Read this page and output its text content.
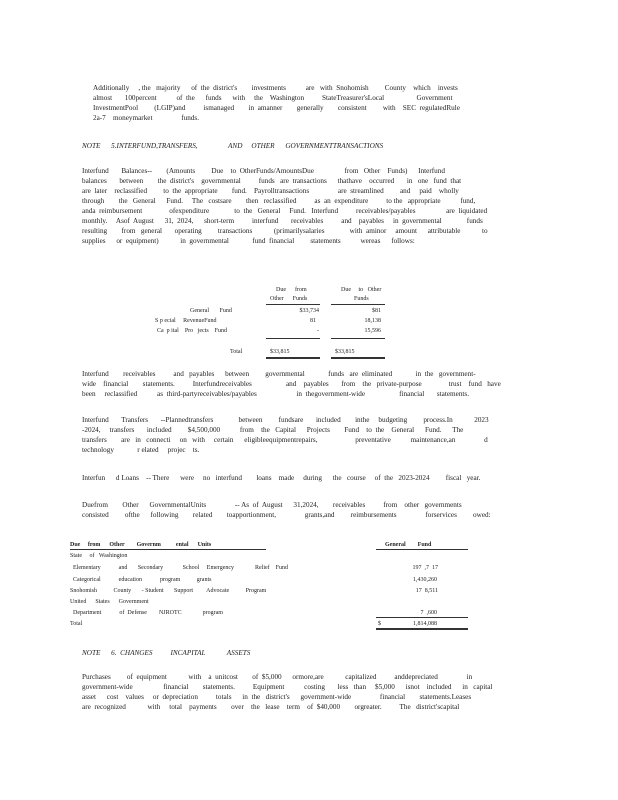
Additionally     , the   majority      of  the  district's        investments           are   with  Snohomish         County    which    invests
almost       100percent           of  the      funds      with     the    Washington          StateTreasurer'sLocal                  Government
InvestmentPool         (LGIP)and          ismanaged        in  amanner        generally        consistent         with    SEC  regulatedRule
2a-7    moneymarket                funds.
NOTE      5.INTERFUND,TRANSFERS,                 AND     OTHER      GOVERNMENTTRANSACTIONS
Interfund       Balances--        (Amounts         Due    to  OtherFunds/AmountsDue                 from   Other    Funds)      Interfund
balances       between        the  district's    governmental          funds   are  transactions      thathave    occurred       in   one   fund  that
are  later    reclassified         to  the  appropriate        fund.    Payrolltransactions                are  streamlined         and     paid    wholly
through        the   General      Fund.     The   costsare        then   reclassified          as  an  expenditure          to the   appropriate           fund,
anda  reimbursement               ofexpenditure              to  the   General     Fund.   Interfund          receivables/payables                 are  liquidated
monthly.     Asof  August      31,  2024,      short-term          interfund       receivables          and    payables     in  governmental              funds
resulting        from   general       operating         transactions            (primarilysalaries              with  aminor     amount      attributable            to
supplies      or  equipment)            in  governmental             fund  financial         statements           wereas      follows:
Due      from
Other      Funds
Due     to   Other
Funds
General       Fund	$33,734	$81
S p ecial     RevenueFund	81	18,138
Ca  p ital    Pro   jects    Fund	-	15,596
Total	$33,815	$33,815
Interfund        receivables          and   payables      between         governmental             funds   are  eliminated             in  the   government-
wide    financial        statements.          Interfundreceivables                   and    payables       from    the   private-purpose               trust    fund   have
been     reclassified           as  third-partyreceivables/payables                      in  thegovernment-wide                   financial       statements.
Interfund       Transfers       --Plannedtransfers              between         fundsare       included        inthe     budgeting         process.In            2023
-2024,     transfers       included         $4,500,000           from    the   Capital      Projects        Fund    to  the    General      Fund.      The
transfers        are   in   connecti     on   with     certain      eligibleequipmentrepairs,                     preventative           maintenance,an                d
technology             r elated     projec    ts.
Interfun      d Loans    -- There      were     no   interfund        loans    made     during      the   course     of  the   2023-2024         fiscal   year.
Duefrom        Other      GovernmentalUnits                -- As  of  August      31,2024,        receivables          from    other   governments
consisted         ofthe      following        related        toapportionment,                grants,and         reimbursements                forservices         owed:
Due     from      Other        Governm          ental      Units	General        Fund
State     of   Washington
Elementary            and       Secondary             School     Emergency              Relief    Fund	197  ,7  17
Categorical            education            program           grants	1,430,260
Snohomish           County       - Student       Support         Advocate           Program	17  8,511
United      States      Government
Department            of  Defense        NJROTC              program	7  ,600
Total	$	1,814,088
NOTE      6.  CHANGES          INCAPITAL            ASSETS
Purchases         of  equipment            with    a  unitcost        of  $5,000      ormore,are            capitalized          anddepreciated                in
government-wide                 financial        statements.          Equipment           costing       less   than     $5,000      isnot    included      in   capital
asset      cost    values     or  depreciation          totals      in  the   district's      government-wide                financial        statements.Leases
are  recognized            with     total    payments        over    the   lease    term    of  $40,000        orgreater.          The   district'scapital
